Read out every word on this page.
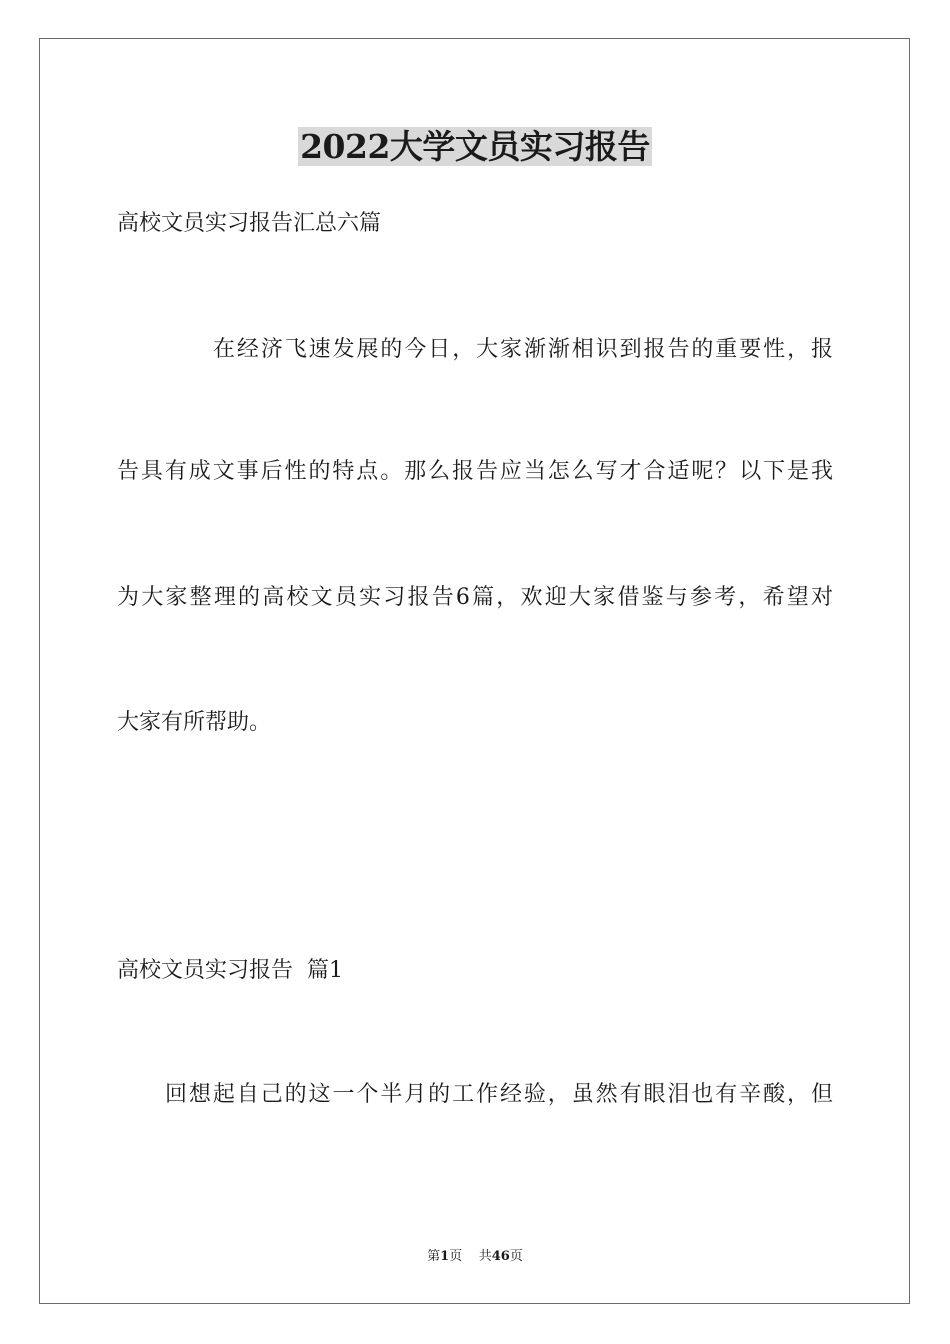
2022大学文员实习报告

高校文员实习报告汇总六篇

在经济飞速发展的今日，大家渐渐相识到报告的重要性，报

告具有成文事后性的特点。那么报告应当怎么写才合适呢？以下是我

为大家整理的高校文员实习报告6篇，欢迎大家借鉴与参考，希望对

大家有所帮助。

高校文员实习报告  篇1

回想起自己的这一个半月的工作经验，虽然有眼泪也有辛酸，但

第1页 共46页
